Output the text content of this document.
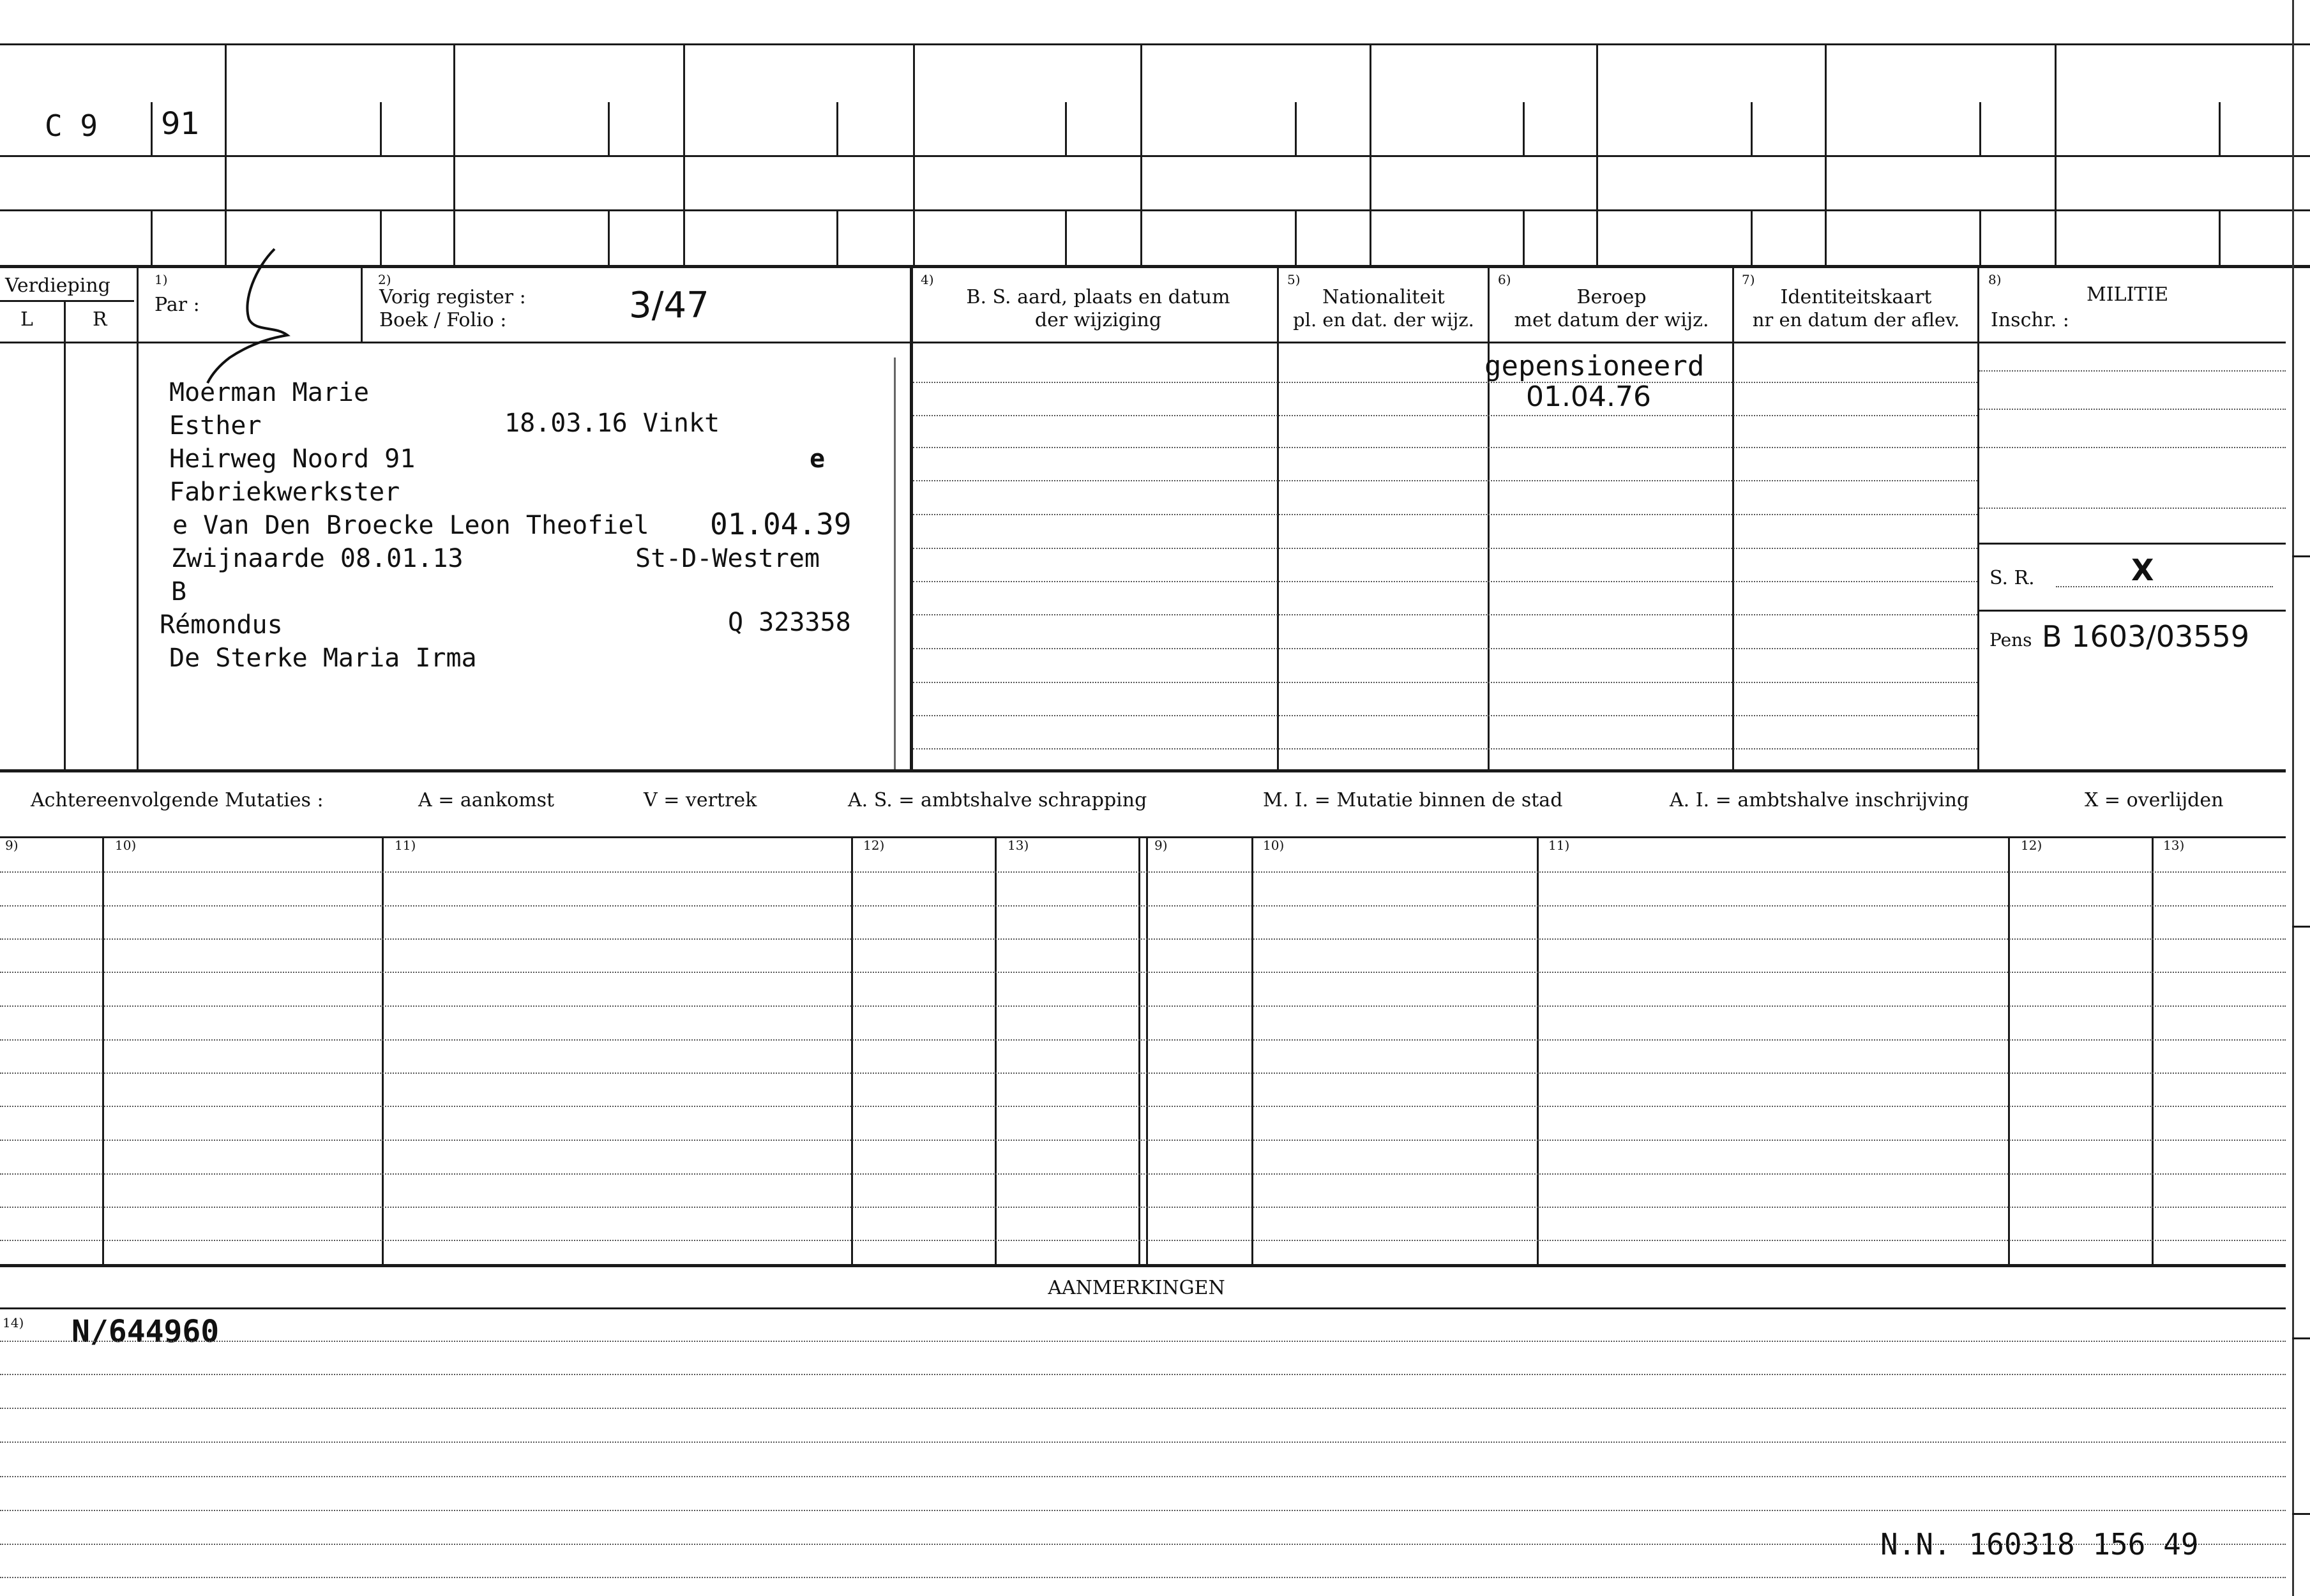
C 9 91
Verdieping
L	R
1)
Par :
2)
Vorig register :
Boek / Folio :	3/47
4)
B. S. aard, plaats en datum
der wijziging
5)
Nationaliteit
pl. en dat. der wijz.
6)
Beroep
met datum der wijz.
7)
Identiteitskaart
nr en datum der aflev.
8)
MILITIE
Inschr. :
Moerman Marie
Esther	18.03.16 Vinkt
Heirweg Noord 91	e
Fabriekwerkster
e Van Den Broecke Leon Theofiel 01.04.39
Zwijnaarde 08.01.13	St-D-Westrem
B
Rémondus	Q 323358
De Sterke Maria Irma
gepensioneerd
01.04.76
S. R.	X
Pens B 1603/03559
Achtereenvolgende Mutaties :	A = aankomst	V = vertrek	A. S. = ambtshalve schrapping	M. I. = Mutatie binnen de stad	A. I. = ambtshalve inschrijving	X = overlijden
9)	10)	11)	12)	13)	9)	10)	11)	12)	13)
AANMERKINGEN
14) N/644960
N.N. 160318 156 49
